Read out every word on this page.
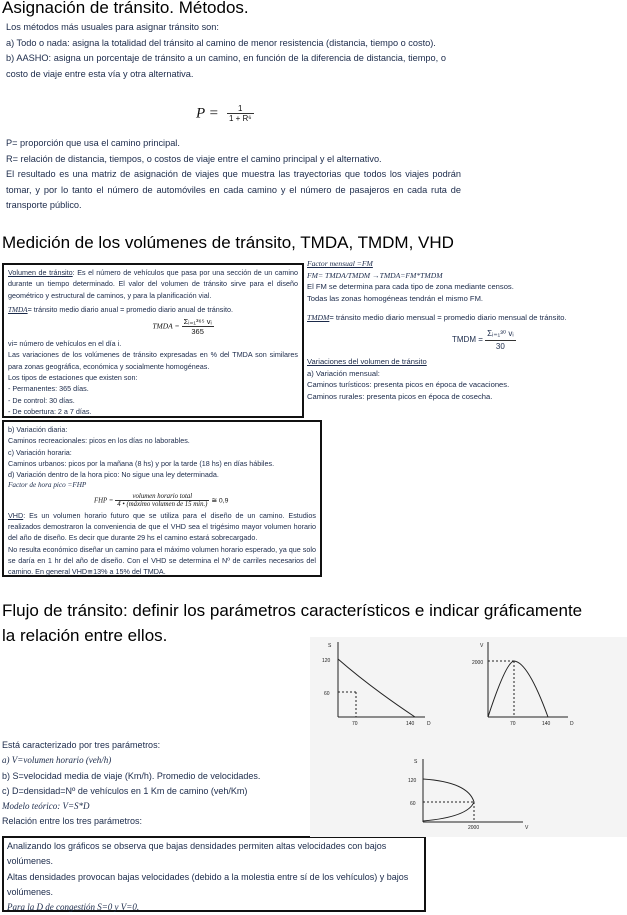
Asignación de tránsito. Métodos.
Los métodos más usuales para asignar tránsito son:
a) Todo o nada: asigna la totalidad del tránsito al camino de menor resistencia (distancia, tiempo o costo).
b) AASHO: asigna un porcentaje de tránsito a un camino, en función de la diferencia de distancia, tiempo, o costo de viaje entre esta vía y otra alternativa.
$P = \frac{1}{\text{1 + R⁶}}$
P= proporción que usa el camino principal.
R= relación de distancia, tiempos, o costos de viaje entre el camino principal y el alternativo.
El resultado es una matriz de asignación de viajes que muestra las trayectorias que todos los viajes podrán tomar, y por lo tanto el número de automóviles en cada camino y el número de pasajeros en cada ruta de transporte público.
Medición de los volúmenes de tránsito, TMDA, TMDM, VHD
Volumen de tránsito: Es el número de vehículos que pasa por una sección de un camino durante un tiempo determinado. El valor del volumen de tránsito sirve para el diseño geométrico y estructural de caminos, y para la planificación vial.
TMDA= tránsito medio diario anual = promedio diario anual de tránsito.
TMDA = $\frac{\text{Σᵢ₌₁³⁶⁵ vᵢ}}{365}$
vi= número de vehículos en el día i.
Las variaciones de los volúmenes de tránsito expresadas en % del TMDA son similares para zonas geográfica, económica y socialmente homogéneas.
Los tipos de estaciones que existen son:
- Permanentes: 365 días.
- De control: 30 días.
- De cobertura: 2 a 7 días.
Factor mensual =FM
FM= TMDA/TMDM →TMDA=FM*TMDM
El FM se determina para cada tipo de zona mediante censos.
Todas las zonas homogéneas tendrán el mismo FM.
TMDM= tránsito medio diario mensual = promedio diario mensual de tránsito.
TMDM = $\frac{\text{Σᵢ₌₁³⁰ vᵢ}}{30}$
Variaciones del volumen de tránsito
a) Variación mensual:
Caminos turísticos: presenta picos en época de vacaciones.
Caminos rurales: presenta picos en época de cosecha.
b) Variación diaria:
Caminos recreacionales: picos en los días no laborables.
c) Variación horaria:
Caminos urbanos: picos por la mañana (8 hs) y por la tarde (18 hs) en días hábiles.
d) Variación dentro de la hora pico: No sigue una ley determinada.
Factor de hora pico =FHP
FHP = $\frac{\text{volumen horario total}}{\text{4 • (máximo volumen de 15 min.)}}$ ≅ 0,9
VHD: Es un volumen horario futuro que se utiliza para el diseño de un camino. Estudios realizados demostraron la conveniencia de que el VHD sea el trigésimo mayor volumen horario del año de diseño. Es decir que durante 29 hs el camino estará sobrecargado.
No resulta económico diseñar un camino para el máximo volumen horario esperado, ya que solo se daría en 1 hr del año de diseño. Con el VHD se determina el Nº de carriles necesarios del camino. En general VHD≅13% a 15% del TMDA.
Flujo de tránsito: definir los parámetros característicos e indicar gráficamente
la relación entre ellos.
Está caracterizado por tres parámetros:
a) V=volumen horario (veh/h)
b) S=velocidad media de viaje (Km/h). Promedio de velocidades.
c) D=densidad=Nº de vehículos en 1 Km de camino (veh/Km)
Modelo teórico: V=S*D
Relación entre los tres parámetros:
Analizando los gráficos se observa que bajas densidades permiten altas velocidades con bajos volúmenes.
Altas densidades provocan bajas velocidades (debido a la molestia entre sí de los vehículos) y bajos volúmenes.
Para la D de congestión S=0 y V=0.
S
120
60
70	140	D
V
2000
70	140	D
S
120
60
2000	V
